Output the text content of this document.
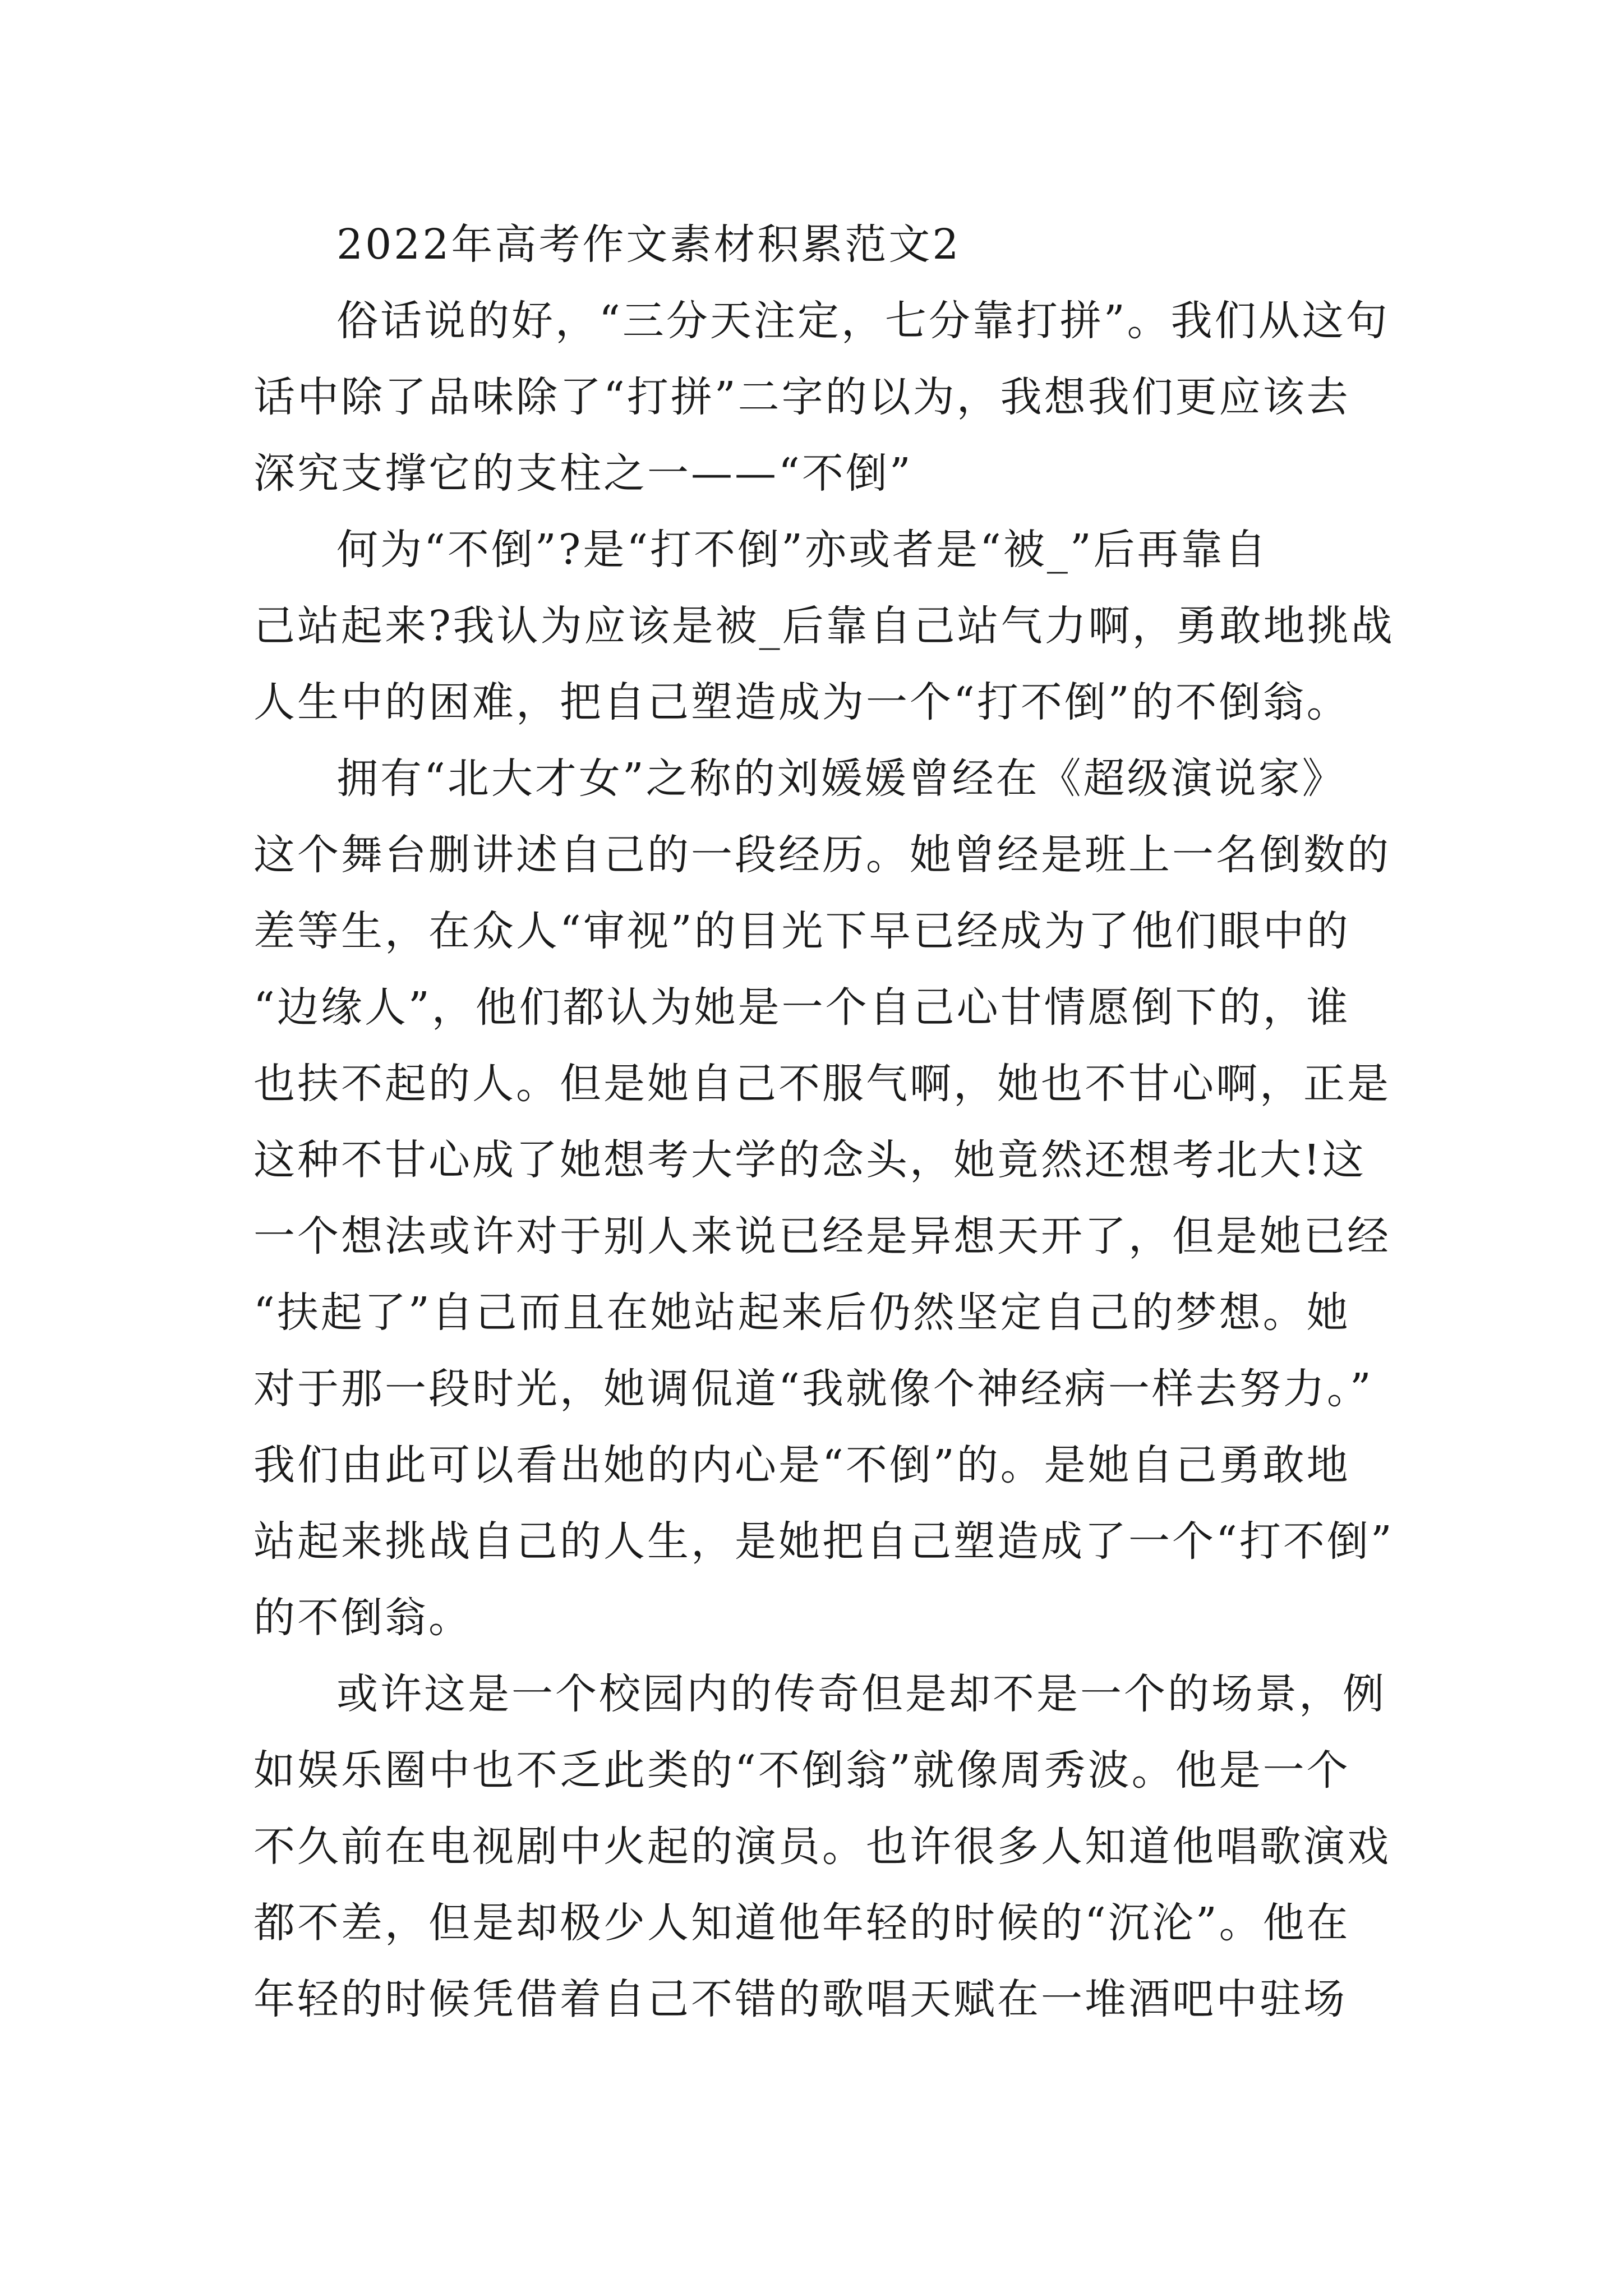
2022年高考作文素材积累范文2
俗话说的好，“三分天注定，七分靠打拼”。我们从这句
话中除了品味除了“打拼”二字的以为，我想我们更应该去
深究支撑它的支柱之一——“不倒”
何为“不倒”?是“打不倒”亦或者是“被_”后再靠自
己站起来?我认为应该是被_后靠自己站气力啊，勇敢地挑战
人生中的困难，把自己塑造成为一个“打不倒”的不倒翁。
拥有“北大才女”之称的刘媛媛曾经在《超级演说家》
这个舞台删讲述自己的一段经历。她曾经是班上一名倒数的
差等生，在众人“审视”的目光下早已经成为了他们眼中的
“边缘人”，他们都认为她是一个自己心甘情愿倒下的，谁
也扶不起的人。但是她自己不服气啊，她也不甘心啊，正是
这种不甘心成了她想考大学的念头，她竟然还想考北大!这
一个想法或许对于别人来说已经是异想天开了，但是她已经
“扶起了”自己而且在她站起来后仍然坚定自己的梦想。她
对于那一段时光，她调侃道“我就像个神经病一样去努力。”
我们由此可以看出她的内心是“不倒”的。是她自己勇敢地
站起来挑战自己的人生，是她把自己塑造成了一个“打不倒”
的不倒翁。
或许这是一个校园内的传奇但是却不是一个的场景，例
如娱乐圈中也不乏此类的“不倒翁”就像周秀波。他是一个
不久前在电视剧中火起的演员。也许很多人知道他唱歌演戏
都不差，但是却极少人知道他年轻的时候的“沉沦”。他在
年轻的时候凭借着自己不错的歌唱天赋在一堆酒吧中驻场
